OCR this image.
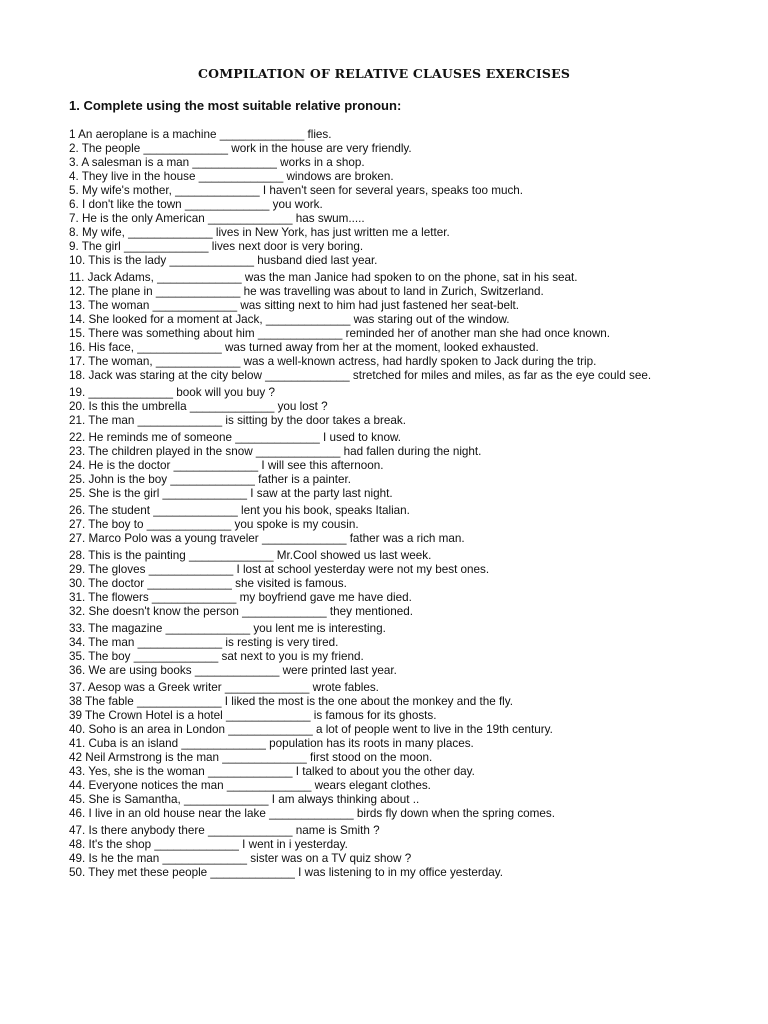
COMPILATION OF RELATIVE CLAUSES EXERCISES
1. Complete using the most suitable relative pronoun:
1 An aeroplane is a machine _____________ flies.
2. The people _____________ work in the house are very friendly.
3. A salesman is a man _____________ works in a shop.
4. They live in the house _____________ windows are broken.
5. My wife's mother, _____________ I haven't seen for several years, speaks too much.
6. I don't like the town _____________ you work.
7. He is the only American _____________ has swum.....
8. My wife, _____________ lives in New York, has just written me a letter.
9. The girl _____________ lives next door is very boring.
10. This is the lady _____________ husband died last year.
11. Jack Adams, _____________ was the man Janice had spoken to on the phone, sat in his seat.
12. The plane in _____________ he was travelling was about to land in Zurich, Switzerland.
13. The woman _____________ was sitting next to him had just fastened her seat-belt.
14. She looked for a moment at Jack, _____________ was staring out of the window.
15. There was something about him _____________ reminded her of another man she had once known.
16. His face, _____________ was turned away from her at the moment, looked exhausted.
17. The woman, _____________ was a well-known actress, had hardly spoken to Jack during the trip.
18. Jack was staring at the city below _____________ stretched for miles and miles, as far as the eye could see.
19. _____________ book will you buy ?
20. Is this the umbrella _____________ you lost ?
21. The man _____________ is sitting by the door takes a break.
22. He reminds me of someone _____________ I used to know.
23. The children played in the snow _____________ had fallen during the night.
24. He is the doctor _____________ I will see this afternoon.
25. John is the boy _____________ father is a painter.
25. She is the girl _____________ I saw at the party last night.
26. The student _____________ lent you his book, speaks Italian.
27. The boy to _____________ you spoke is my cousin.
27. Marco Polo was a young traveler _____________ father was a rich man.
28. This is the painting _____________ Mr.Cool showed us last week.
29. The gloves _____________ I lost at school yesterday were not my best ones.
30. The doctor _____________ she visited is famous.
31. The flowers _____________ my boyfriend gave me have died.
32. She doesn't know the person _____________ they mentioned.
33. The magazine _____________ you lent me is interesting.
34. The man _____________ is resting is very tired.
35. The boy _____________ sat next to you is my friend.
36. We are using books _____________ were printed last year.
37. Aesop was a Greek writer _____________ wrote fables.
38 The fable _____________ I liked the most is the one about the monkey and the fly.
39 The Crown Hotel is a hotel _____________ is famous for its ghosts.
40. Soho is an area in London _____________ a lot of people went to live in the 19th century.
41. Cuba is an island _____________ population has its roots in many places.
42 Neil Armstrong is the man _____________ first stood on the moon.
43. Yes, she is the woman _____________ I talked to about you the other day.
44. Everyone notices the man _____________ wears elegant clothes.
45. She is Samantha, _____________ I am always thinking about ..
46. I live in an old house near the lake _____________ birds fly down when the spring comes.
47. Is there anybody there _____________ name is Smith ?
48. It's the shop _____________ I went in i yesterday.
49. Is he the man _____________ sister was on a TV quiz show ?
50. They met these people _____________ I was listening to in my office yesterday.
